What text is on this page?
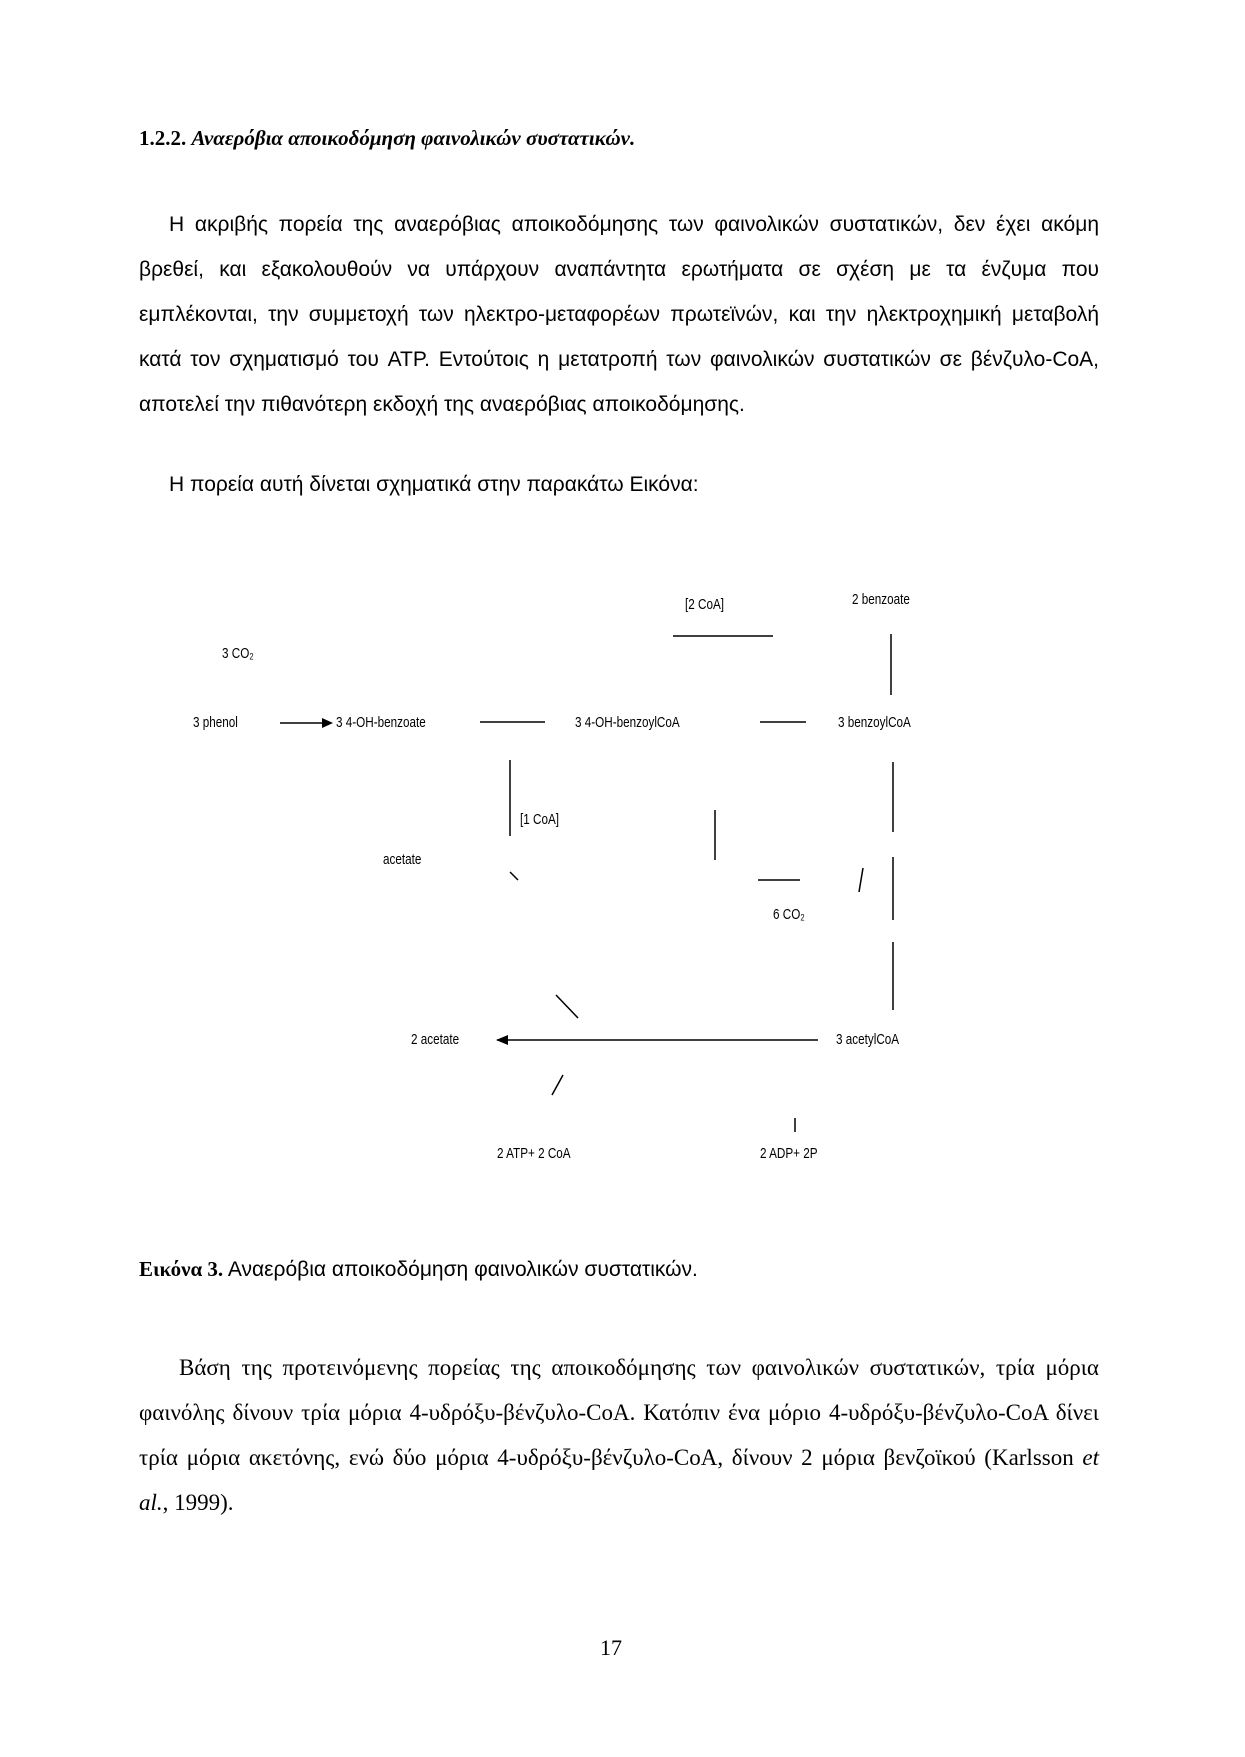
1.2.2. Αναερόβια αποικοδόμηση φαινολικών συστατικών.

Η ακριβής πορεία της αναερόβιας αποικοδόμησης των φαινολικών συστατικών, δεν έχει ακόμη βρεθεί, και εξακολουθούν να υπάρχουν αναπάντητα ερωτήματα σε σχέση με τα ένζυμα που εμπλέκονται, την συμμετοχή των ηλεκτρο-μεταφορέων πρωτεϊνών, και την ηλεκτροχημική μεταβολή κατά τον σχηματισμό του ATP. Εντούτοις η μετατροπή των φαινολικών συστατικών σε βένζυλο-CoA, αποτελεί την πιθανότερη εκδοχή της αναερόβιας αποικοδόμησης.

Η πορεία αυτή δίνεται σχηματικά στην παρακάτω Εικόνα:

[2 CoA]	2 benzoate
3 CO₂
3 phenol	3 4-OH-benzoate	3 4-OH-benzoylCoA	3 benzoylCoA
[1 CoA]
acetate
6 CO₂
2 acetate	3 acetylCoA
2 ATP+ 2 CoA	2 ADP+ 2P
Εικόνα 3. Αναερόβια αποικοδόμηση φαινολικών συστατικών.

Βάση της προτεινόμενης πορείας της αποικοδόμησης των φαινολικών συστατικών, τρία μόρια φαινόλης δίνουν τρία μόρια 4-υδρόξυ-βένζυλο-CoA. Κατόπιν ένα μόριο 4-υδρόξυ-βένζυλο-CoA δίνει τρία μόρια ακετόνης, ενώ δύο μόρια 4-υδρόξυ-βένζυλο-CoA, δίνουν 2 μόρια βενζοϊκού (Karlsson et al., 1999).

17
